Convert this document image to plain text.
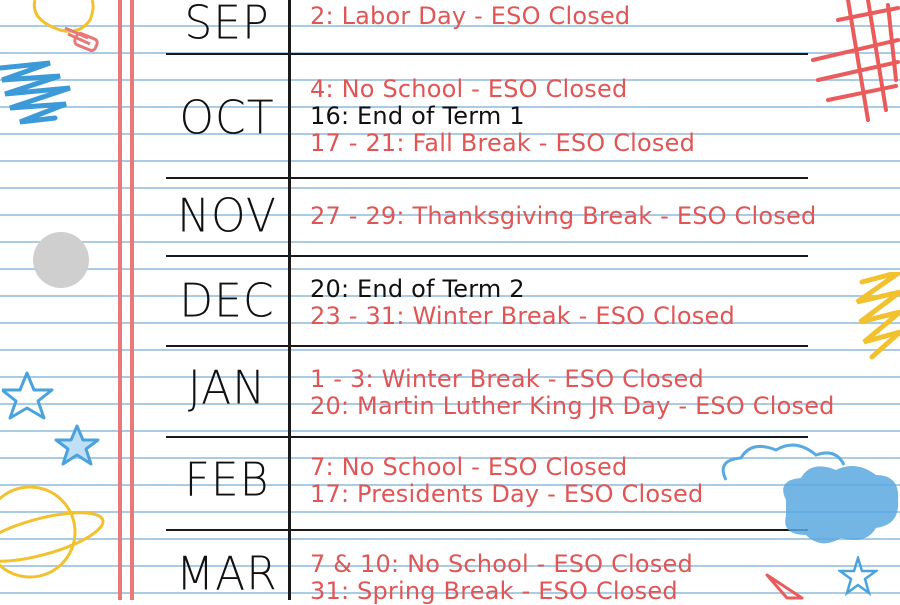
SEP
OCT
NOV
DEC
JAN
FEB
MAR
2: Labor Day - ESO Closed
4: No School - ESO Closed
16: End of Term 1
17 - 21: Fall Break - ESO Closed
27 - 29: Thanksgiving Break - ESO Closed
20: End of Term 2
23 - 31: Winter Break - ESO Closed
1 - 3: Winter Break - ESO Closed
20: Martin Luther King JR Day - ESO Closed
7: No School - ESO Closed
17: Presidents Day - ESO Closed
7 & 10: No School - ESO Closed
31: Spring Break - ESO Closed
